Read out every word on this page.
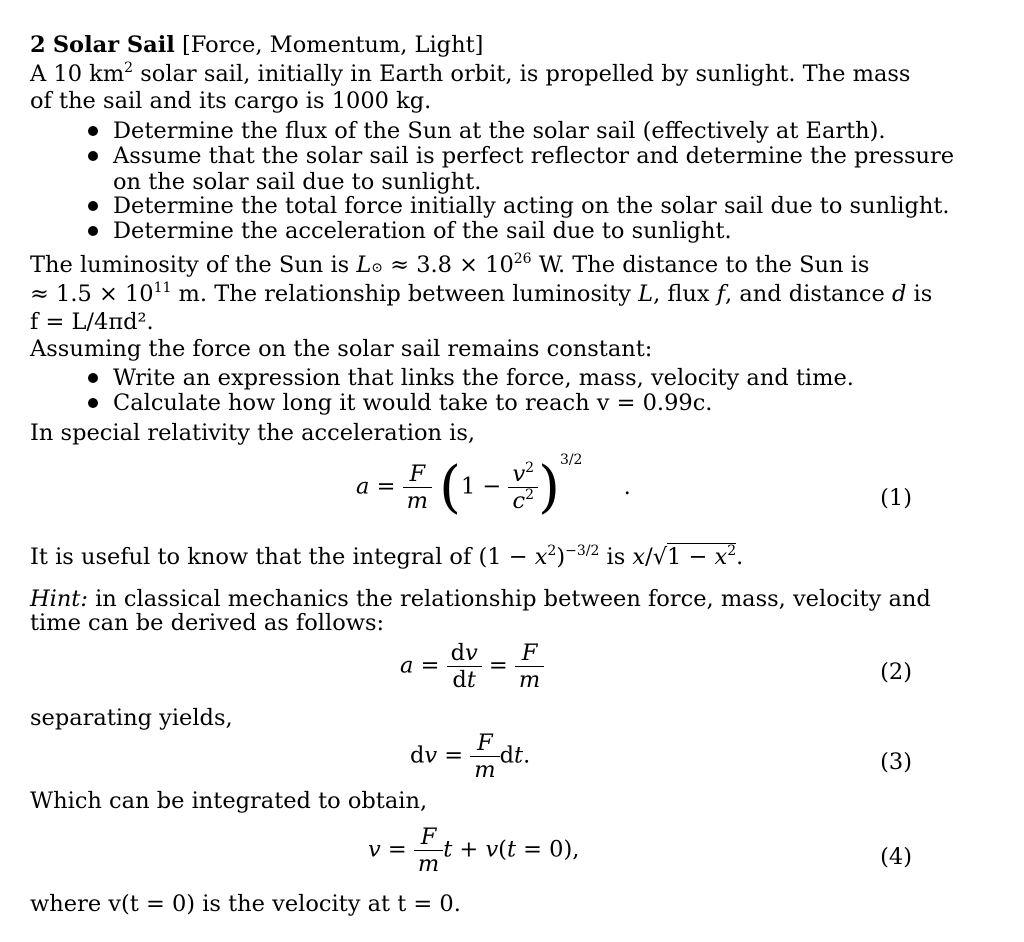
2 Solar Sail [Force, Momentum, Light]
A 10 $km^2$ solar sail, initially in Earth orbit, is propelled by sunlight. The mass
of the sail and its cargo is 1000 kg.
Determine the flux of the Sun at the solar sail (effectively at Earth).
Assume that the solar sail is perfect reflector and determine the pressure
on the solar sail due to sunlight.
Determine the total force initially acting on the solar sail due to sunlight.
Determine the acceleration of the sail due to sunlight.
The luminosity of the Sun is L⊙ ≈ $3.8 \times 10^{26}$ W. The distance to the Sun is
≈ $1.5 \times 10^{11}$ m. The relationship between luminosity L, flux f, and distance d is
f = L/4πd².
Assuming the force on the solar sail remains constant:
Write an expression that links the force, mass, velocity and time.
Calculate how long it would take to reach v = 0.99c.
In special relativity the acceleration is,
$a = \frac{F}{m} (1 - \frac{v^2}{c^2} )^{3/2}$ .	(1)
It is useful to know that the integral of $(1 - x^2)^{-3/2}$ is $x/√1 - x^2$.
Hint: in classical mechanics the relationship between force, mass, velocity and
time can be derived as follows:
$a = \frac{dv}{dt} = \frac{F}{m}$	(2)
separating yields,
dv = $\frac{F}{m}$ dt.	(3)
Which can be integrated to obtain,
$v = \frac{F}{m}$ t + v(t = 0),	(4)
where v(t = 0) is the velocity at t = 0.
